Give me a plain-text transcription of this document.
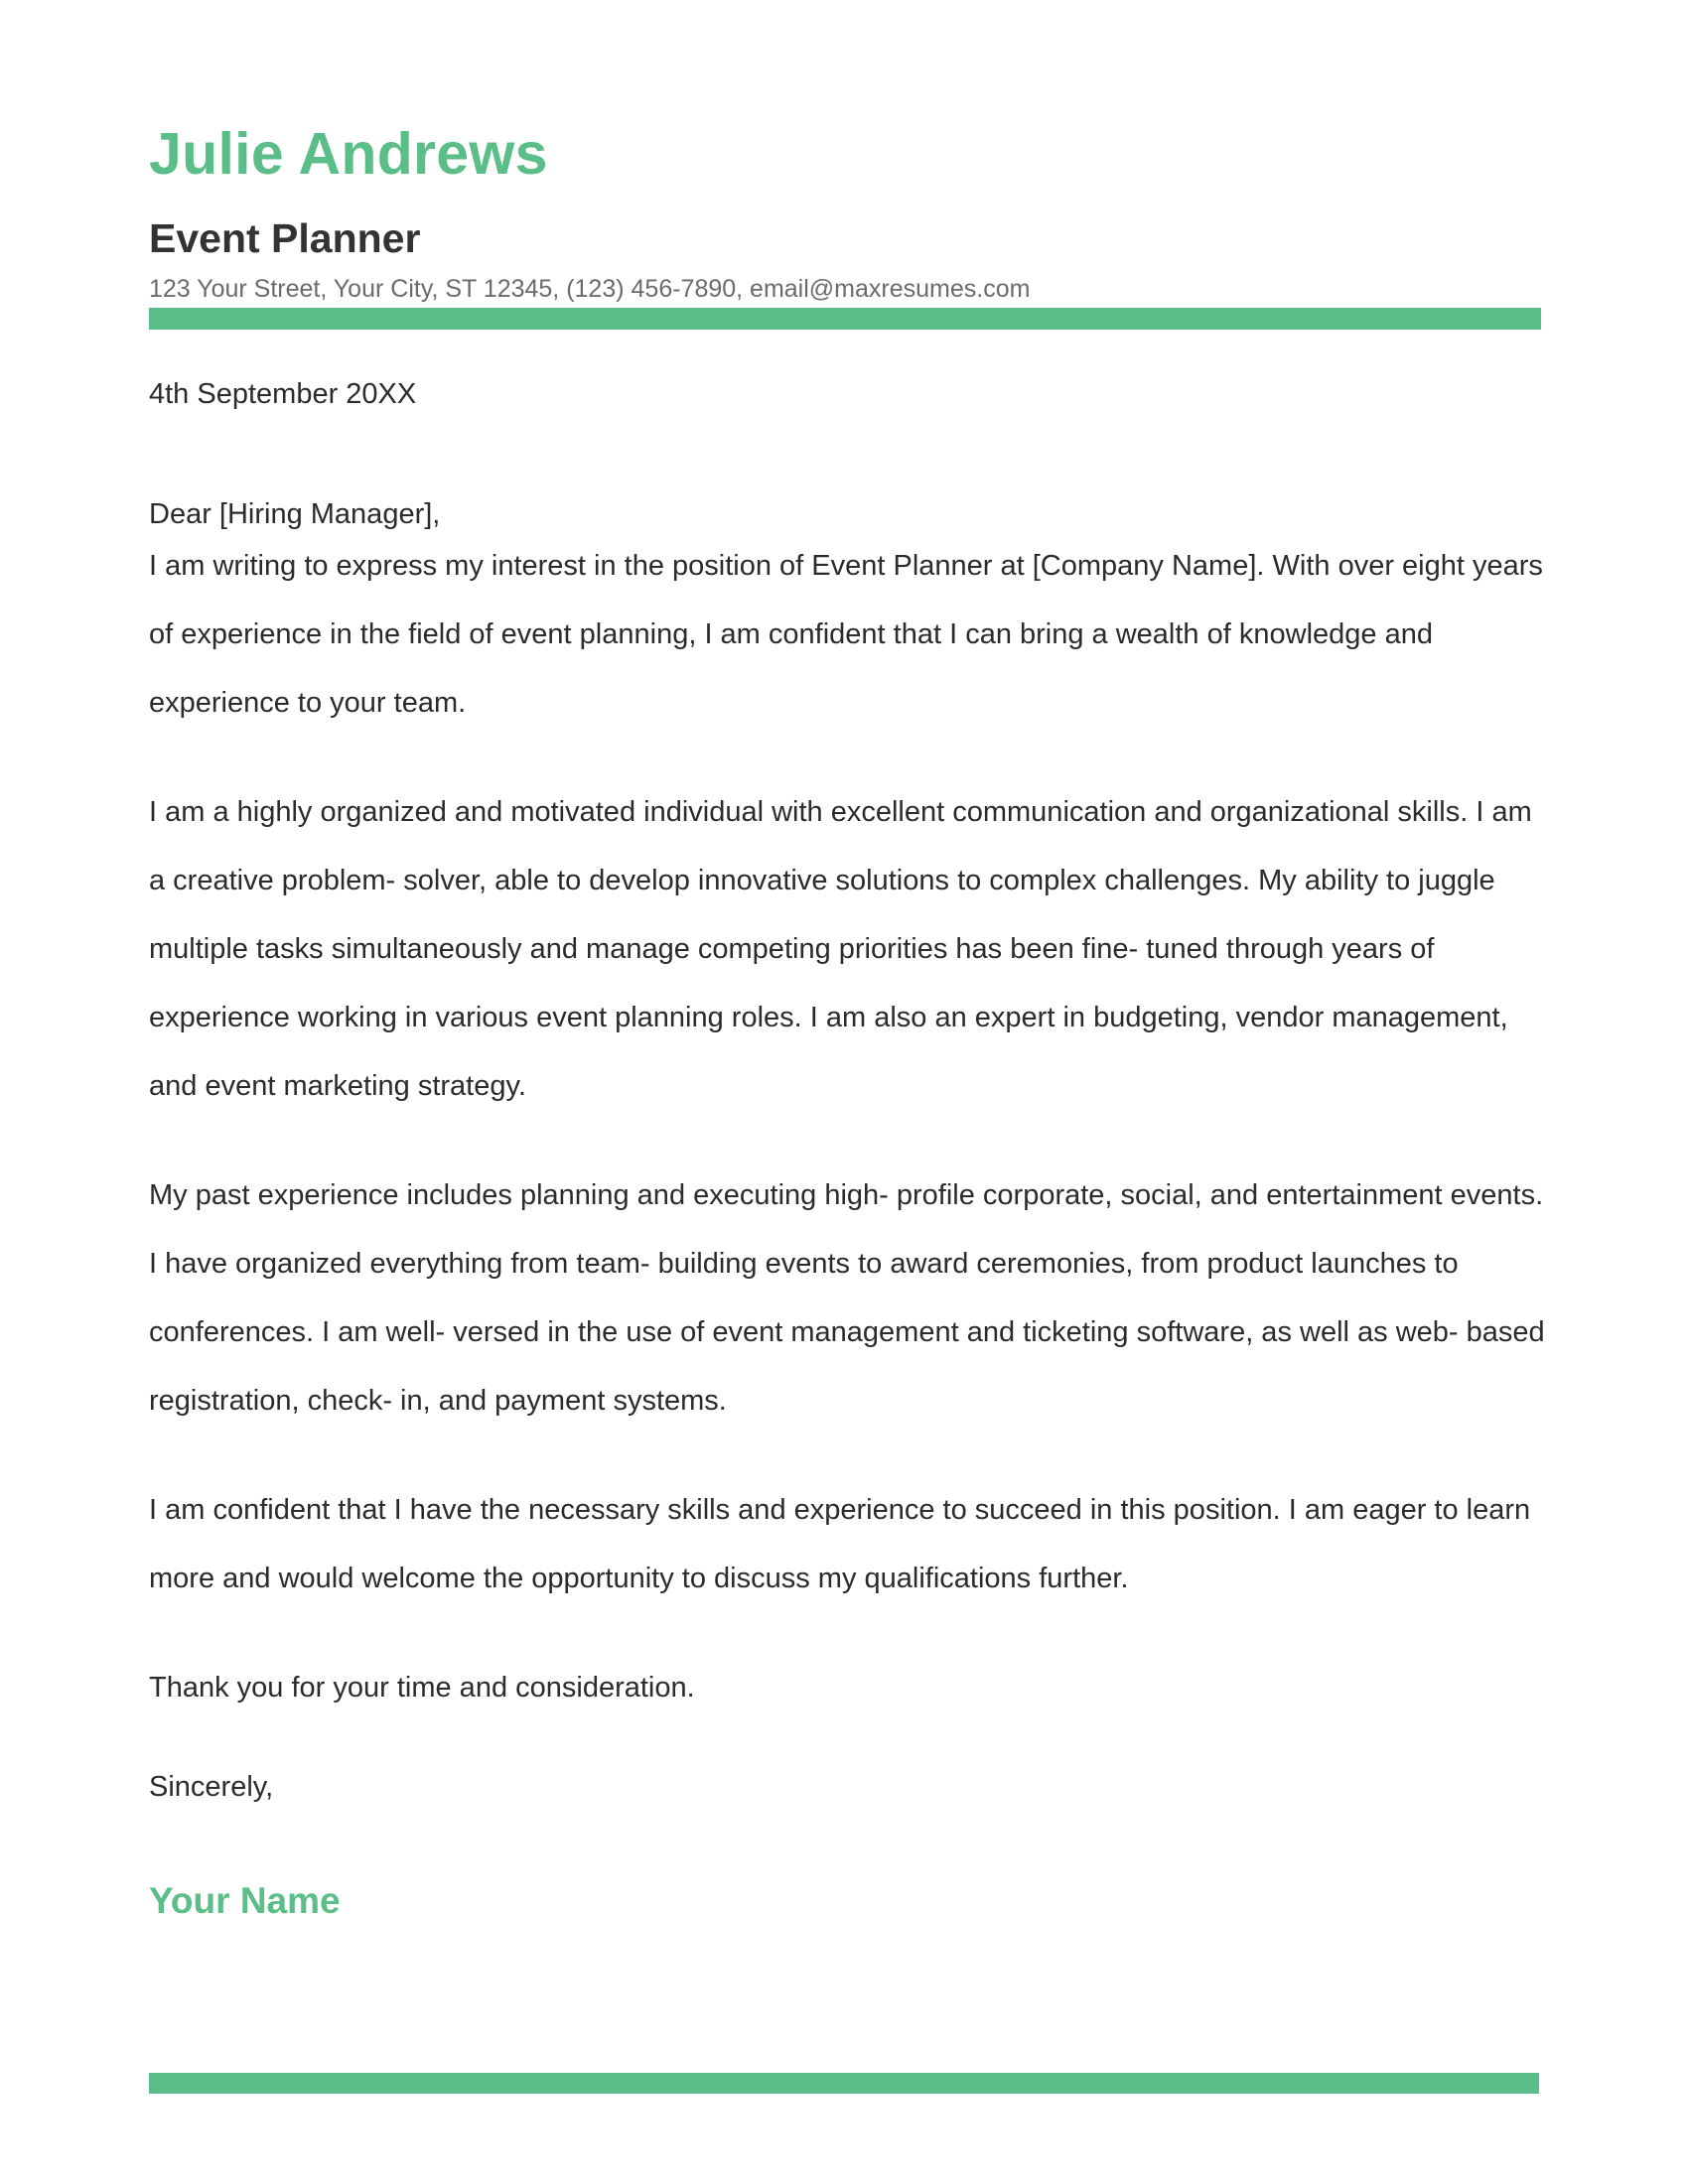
Julie Andrews
Event Planner
123 Your Street, Your City, ST 12345, (123) 456-7890, email@maxresumes.com
4th September 20XX
Dear [Hiring Manager],

I am writing to express my interest in the position of Event Planner at [Company Name]. With over eight years of experience in the field of event planning, I am confident that I can bring a wealth of knowledge and experience to your team.

I am a highly organized and motivated individual with excellent communication and organizational skills. I am a creative problem- solver, able to develop innovative solutions to complex challenges. My ability to juggle multiple tasks simultaneously and manage competing priorities has been fine- tuned through years of experience working in various event planning roles. I am also an expert in budgeting, vendor management, and event marketing strategy.

My past experience includes planning and executing high- profile corporate, social, and entertainment events. I have organized everything from team- building events to award ceremonies, from product launches to conferences. I am well- versed in the use of event management and ticketing software, as well as web- based registration, check- in, and payment systems.

I am confident that I have the necessary skills and experience to succeed in this position. I am eager to learn more and would welcome the opportunity to discuss my qualifications further.

Thank you for your time and consideration.

Sincerely,
Your Name
